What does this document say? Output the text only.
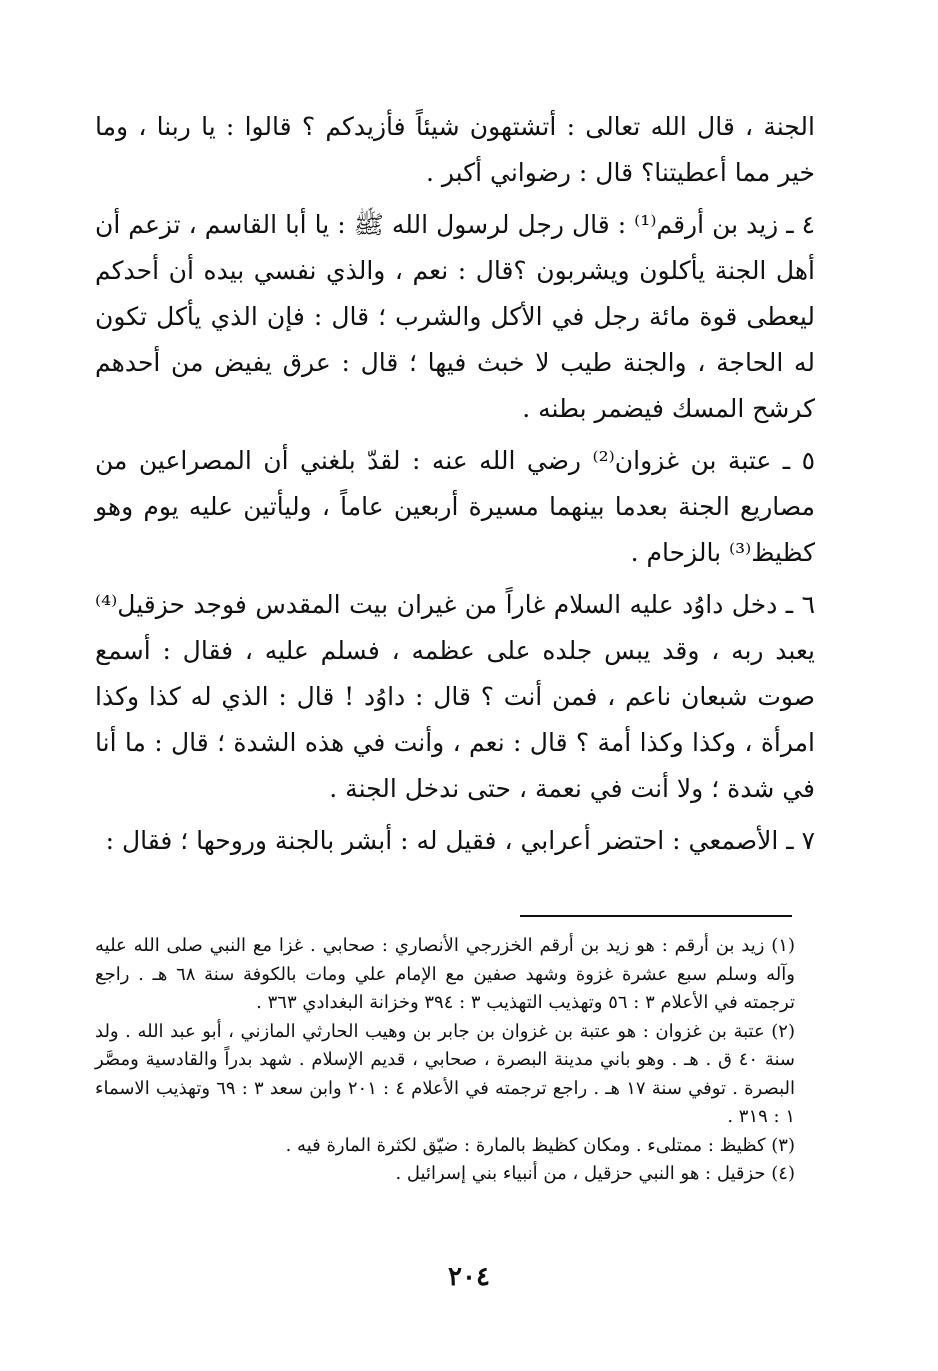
الجنة ، قال الله تعالى : أتشتهون شيئاً فأزيدكم ؟ قالوا : يا ربنا ، وما خير مما أعطيتنا؟ قال : رضواني أكبر .

٤ ـ زيد بن أرقم⁽¹⁾ : قال رجل لرسول الله ﷺ : يا أبا القاسم ، تزعم أن أهل الجنة يأكلون ويشربون ؟قال : نعم ، والذي نفسي بيده أن أحدكم ليعطى قوة مائة رجل في الأكل والشرب ؛ قال : فإن الذي يأكل تكون له الحاجة ، والجنة طيب لا خبث فيها ؛ قال : عرق يفيض من أحدهم كرشح المسك فيضمر بطنه .

٥ ـ عتبة بن غزوان⁽²⁾ رضي الله عنه : لقدّ بلغني أن المصراعين من مصاريع الجنة بعدما بينهما مسيرة أربعين عاماً ، وليأتين عليه يوم وهو كظيظ⁽³⁾ بالزحام .

٦ ـ دخل داوُد عليه السلام غاراً من غيران بيت المقدس فوجد حزقيل⁽⁴⁾ يعبد ربه ، وقد يبس جلده على عظمه ، فسلم عليه ، فقال : أسمع صوت شبعان ناعم ، فمن أنت ؟ قال : داوُد ! قال : الذي له كذا وكذا امرأة ، وكذا وكذا أمة ؟ قال : نعم ، وأنت في هذه الشدة ؛ قال : ما أنا في شدة ؛ ولا أنت في نعمة ، حتى ندخل الجنة .

٧ ـ الأصمعي : احتضر أعرابي ، فقيل له : أبشر بالجنة وروحها ؛ فقال :

(١) زيد بن أرقم : هو زيد بن أرقم الخزرجي الأنصاري : صحابي . غزا مع النبي صلى الله عليه وآله وسلم سبع عشرة غزوة وشهد صفين مع الإمام علي ومات بالكوفة سنة ٦٨ هـ . راجع ترجمته في الأعلام ٣ : ٥٦ وتهذيب التهذيب ٣ : ٣٩٤ وخزانة البغدادي ٣٦٣ .

(٢) عتبة بن غزوان : هو عتبة بن غزوان بن جابر بن وهيب الحارثي المازني ، أبو عبد الله . ولد سنة ٤٠ ق . هـ . وهو باني مدينة البصرة ، صحابي ، قديم الإسلام . شهد بدراً والقادسية ومصَّر البصرة . توفي سنة ١٧ هـ . راجع ترجمته في الأعلام ٤ : ٢٠١ وابن سعد ٣ : ٦٩ وتهذيب الاسماء ١ : ٣١٩ .

(٣) كظيظ : ممتلىء . ومكان كظيظ بالمارة : ضيّق لكثرة المارة فيه .

(٤) حزقيل : هو النبي حزقيل ، من أنبياء بني إسرائيل .

٢٠٤
